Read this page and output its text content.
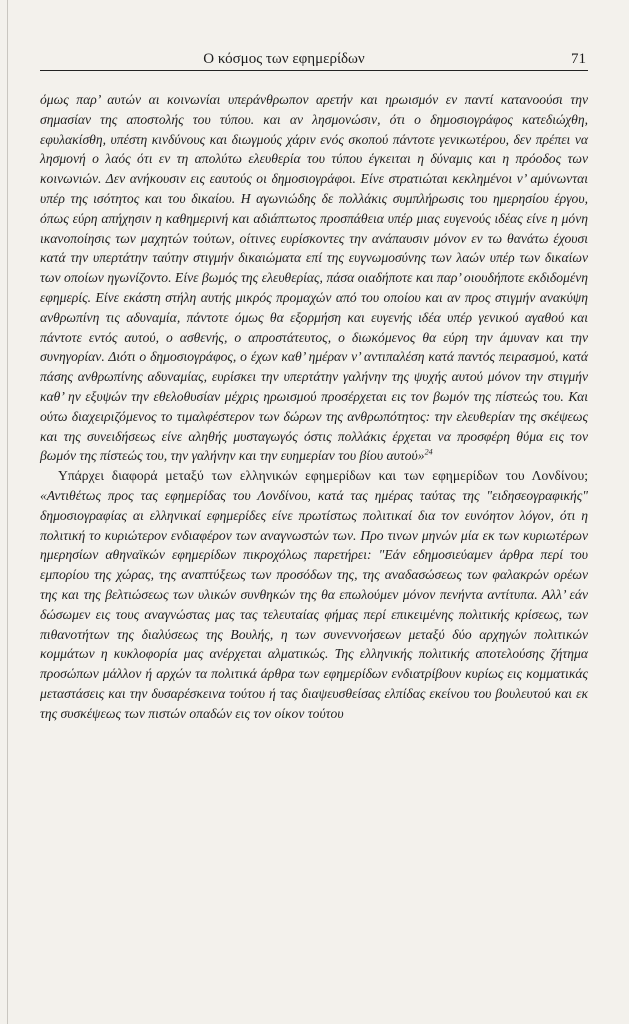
Ο κόσμος των εφημερίδων	71

όμως παρ’ αυτών αι κοινωνίαι υπεράνθρωπον αρετήν και ηρωισμόν εν παντί κατανοούσι την σημασίαν της αποστολής του τύπου. και αν λησμονώσιν, ότι ο δημοσιογράφος κατεδιώχθη, εφυλακίσθη, υπέστη κινδύνους και διωγμούς χάριν ενός σκοπού πάντοτε γενικωτέρου, δεν πρέπει να λησμονή ο λαός ότι εν τη απολύτω ελευθερία του τύπου έγκειται η δύναμις και η πρόοδος των κοινωνιών. Δεν ανήκουσιν εις εαυτούς οι δημοσιογράφοι. Είνε στρατιώται κεκλημένοι ν’ αμύνωνται υπέρ της ισότητος και του δικαίου. Η αγωνιώδης δε πολλάκις συμπλήρωσις του ημερησίου έργου, όπως εύρη απήχησιν η καθημερινή και αδιάπτωτος προσπάθεια υπέρ μιας ευγενούς ιδέας είνε η μόνη ικανοποίησις των μαχητών τούτων, οίτινες ευρίσκοντες την ανάπαυσιν μόνον εν τω θανάτω έχουσι κατά την υπερτάτην ταύτην στιγμήν δικαιώματα επί της ευγνωμοσύνης των λαών υπέρ των δικαίων των οποίων ηγωνίζοντο. Είνε βωμός της ελευθερίας, πάσα οιαδήποτε και παρ’ οιουδήποτε εκδιδομένη εφημερίς. Είνε εκάστη στήλη αυτής μικρός προμαχών από του οποίου και αν προς στιγμήν ανακύψη ανθρωπίνη τις αδυναμία, πάντοτε όμως θα εξορμήση και ευγενής ιδέα υπέρ γενικού αγαθού και πάντοτε εντός αυτού, ο ασθενής, ο απροστάτευτος, ο διωκόμενος θα εύρη την άμυναν και την συνηγορίαν. Διότι ο δημοσιογράφος, ο έχων καθ’ ημέραν ν’ αντιπαλέση κατά παντός πειρασμού, κατά πάσης ανθρωπίνης αδυναμίας, ευρίσκει την υπερτάτην γαλήνην της ψυχής αυτού μόνον την στιγμήν καθ’ ην εξυψών την εθελοθυσίαν μέχρις ηρωισμού προσέρχεται εις τον βωμόν της πίστεώς του. Και ούτω διαχειριζόμενος το τιμαλφέστερον των δώρων της ανθρωπότητος: την ελευθερίαν της σκέψεως και της συνειδήσεως είνε αληθής μυσταγωγός όστις πολλάκις έρχεται να προσφέρη θύμα εις τον βωμόν της πίστεώς του, την γαλήνην και την ευημερίαν του βίου αυτού»$^{24}$

Υπάρχει διαφορά μεταξύ των ελληνικών εφημερίδων και των εφημερίδων του Λονδίνου; «Αντιθέτως προς τας εφημερίδας του Λονδίνου, κατά τας ημέρας ταύτας της "ειδησεογραφικής" δημοσιογραφίας αι ελληνικαί εφημερίδες είνε πρωτίστως πολιτικαί δια τον ευνόητον λόγον, ότι η πολιτική το κυριώτερον ενδιαφέρον των αναγνωστών των. Προ τινων μηνών μία εκ των κυριωτέρων ημερησίων αθηναϊκών εφημερίδων πικροχόλως παρετήρει: "Εάν εδημοσιεύαμεν άρθρα περί του εμπορίου της χώρας, της αναπτύξεως των προσόδων της, της αναδασώσεως των φαλακρών ορέων της και της βελτιώσεως των υλικών συνθηκών της θα επωλούμεν μόνον πενήντα αντίτυπα. Αλλ’ εάν δώσωμεν εις τους αναγνώστας μας τας τελευταίας φήμας περί επικειμένης πολιτικής κρίσεως, των πιθανοτήτων της διαλύσεως της Βουλής, η των συνεννοήσεων μεταξύ δύο αρχηγών πολιτικών κομμάτων η κυκλοφορία μας ανέρχεται αλματικώς. Της ελληνικής πολιτικής αποτελούσης ζήτημα προσώπων μάλλον ή αρχών τα πολιτικά άρθρα των εφημερίδων ενδιατρίβουν κυρίως εις κομματικάς μεταστάσεις και την δυσαρέσκεινα τούτου ή τας διαψευσθείσας ελπίδας εκείνου του βουλευτού και εκ της συσκέψεως των πιστών οπαδών εις τον οίκον τούτου
